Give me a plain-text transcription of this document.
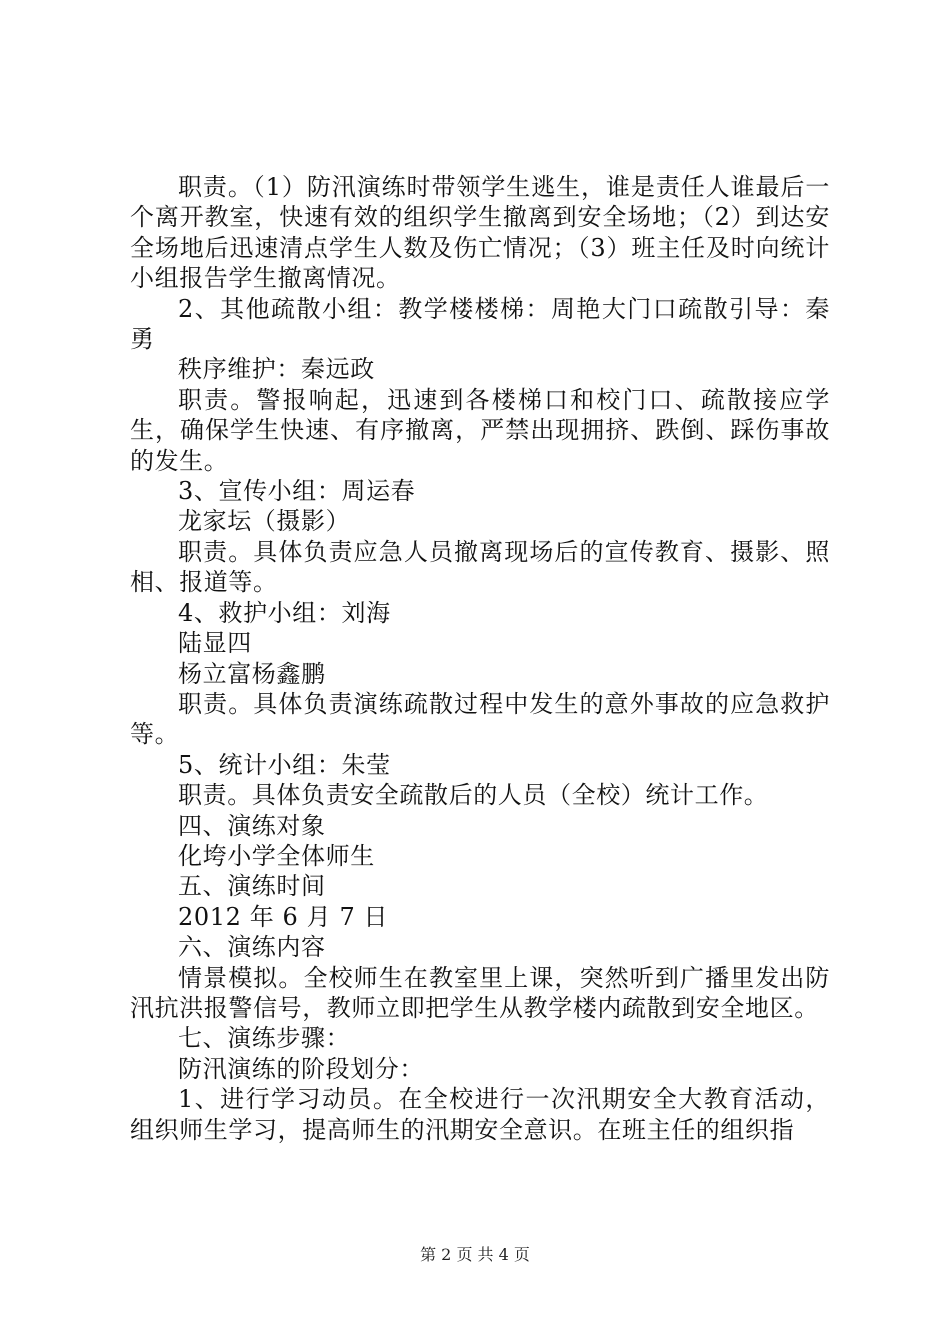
职责。（1）防汛演练时带领学生逃生，谁是责任人谁最后一个离开教室，快速有效的组织学生撤离到安全场地；（2）到达安全场地后迅速清点学生人数及伤亡情况；（3）班主任及时向统计小组报告学生撤离情况。

2、其他疏散小组：教学楼楼梯：周艳大门口疏散引导：秦勇

秩序维护：秦远政

职责。警报响起，迅速到各楼梯口和校门口、疏散接应学生，确保学生快速、有序撤离，严禁出现拥挤、跌倒、踩伤事故的发生。

3、宣传小组：周运春

龙家坛（摄影）

职责。具体负责应急人员撤离现场后的宣传教育、摄影、照相、报道等。

4、救护小组：刘海

陆显四

杨立富杨鑫鹏

职责。具体负责演练疏散过程中发生的意外事故的应急救护等。

5、统计小组：朱莹

职责。具体负责安全疏散后的人员（全校）统计工作。

四、演练对象

化垮小学全体师生

五、演练时间

2012 年 6 月 7 日

六、演练内容

情景模拟。全校师生在教室里上课，突然听到广播里发出防汛抗洪报警信号，教师立即把学生从教学楼内疏散到安全地区。

七、演练步骤：

防汛演练的阶段划分：

1、进行学习动员。在全校进行一次汛期安全大教育活动，组织师生学习，提高师生的汛期安全意识。在班主任的组织指

第 2 页 共 4 页
